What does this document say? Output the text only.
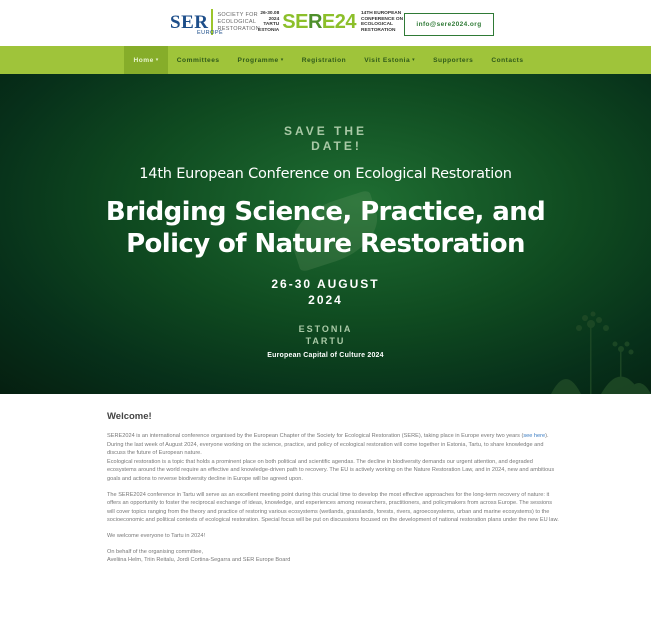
SER
EUROPE
SOCIETY FOR
ECOLOGICAL
RESTORATION
26-30.08
2024
TARTU
ESTONIA SERE24 14TH EUROPEAN
CONFERENCE ON
ECOLOGICAL
RESTORATION
info@sere2024.org
Home ▾	Committees	Programme ▾	Registration	Visit Estonia ▾	Supporters	Contacts
SAVE THE
DATE!
14th European Conference on Ecological Restoration
Bridging Science, Practice, and
Policy of Nature Restoration
26-30 AUGUST
2024
ESTONIA
TARTU
European Capital of Culture 2024
Welcome!

SERE2024 is an international conference organised by the European Chapter of the Society for Ecological Restoration (SERE), taking place in Europe every two years (see here). During the last week of August 2024, everyone working on the science, practice, and policy of ecological restoration will come together in Estonia, Tartu, to share knowledge and discuss the future of European nature.

Ecological restoration is a topic that holds a prominent place on both political and scientific agendas. The decline in biodiversity demands our urgent attention, and degraded ecosystems around the world require an effective and knowledge-driven path to recovery. The EU is actively working on the Nature Restoration Law, and in 2024, new and ambitious goals and actions to reverse biodiversity decline in Europe will be agreed upon.

The SERE2024 conference in Tartu will serve as an excellent meeting point during this crucial time to develop the most effective approaches for the long-term recovery of nature: it offers an opportunity to foster the reciprocal exchange of ideas, knowledge, and experiences among researchers, practitioners, and policymakers from across Europe. The sessions will cover topics ranging from the theory and practice of restoring various ecosystems (wetlands, grasslands, forests, rivers, agroecosystems, urban and marine ecosystems) to the socioeconomic and political contexts of ecological restoration. Special focus will be put on discussions focused on the development of national restoration plans under the new EU law.

We welcome everyone to Tartu in 2024!

On behalf of the organising committee,

Aveliina Helm, Triin Reitalu, Jordi Cortina-Segarra and SER Europe Board
